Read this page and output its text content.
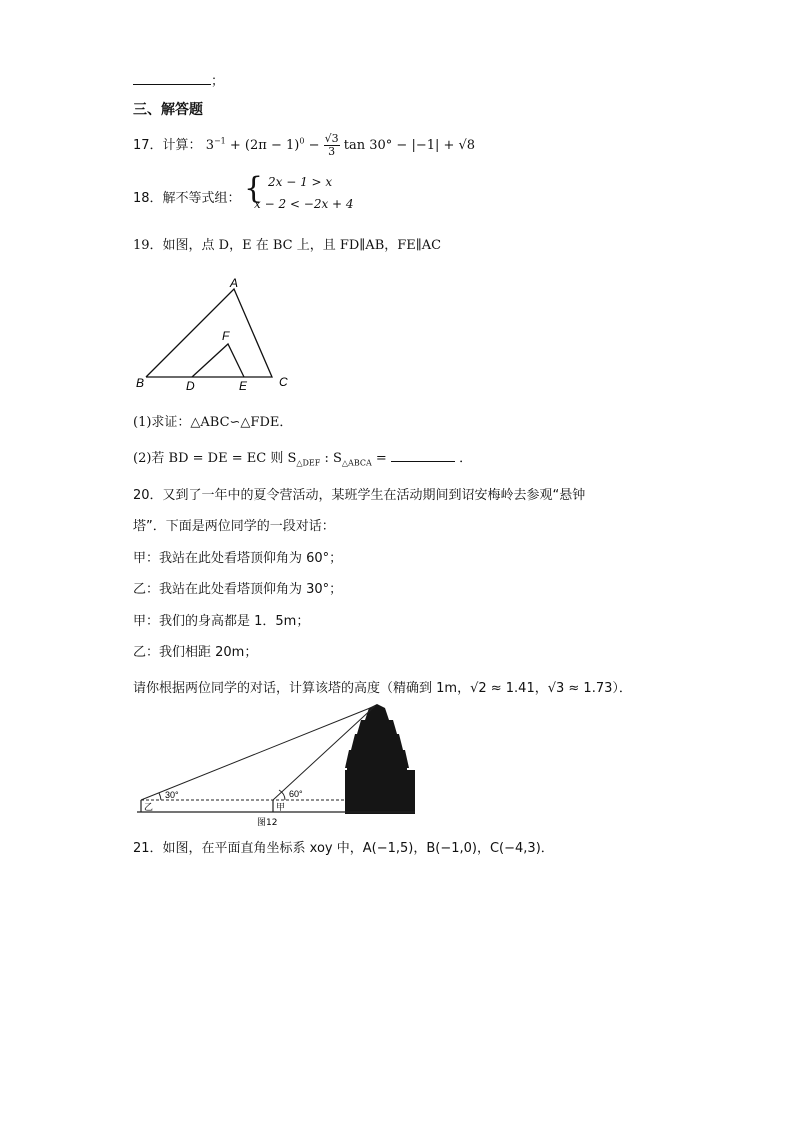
；
三、解答题
17．计算： $3^{-1} + (2\pi - 1)^0 - \frac{√3}{3}$ tan 30° − |−1| + √8
18．解不等式组： { 2x − 1 > x
x − 2 < −2x + 4
19．如图，点 D，E 在 BC 上，且 FD∥AB，FE∥AC
A
B	C
D	E
F
(1)求证：△ABC∽△FDE．
(2)若 BD = DE = EC 则 $S_{\triangle DEF}$ : $S_{\triangle ABCA}$ =	．
20．又到了一年中的夏令营活动，某班学生在活动期间到诏安梅岭去参观“悬钟
塔”．下面是两位同学的一段对话：
甲：我站在此处看塔顶仰角为 60°；
乙：我站在此处看塔顶仰角为 30°；
甲：我们的身高都是 1．5m；
乙：我们相距 20m；
请你根据两位同学的对话，计算该塔的高度（精确到 1m，√2 ≈ 1.41，√3 ≈ 1.73）．
30°	60°
乙	甲
图12
21．如图，在平面直角坐标系 xoy 中，A(−1,5)，B(−1,0)，C(−4,3)．
